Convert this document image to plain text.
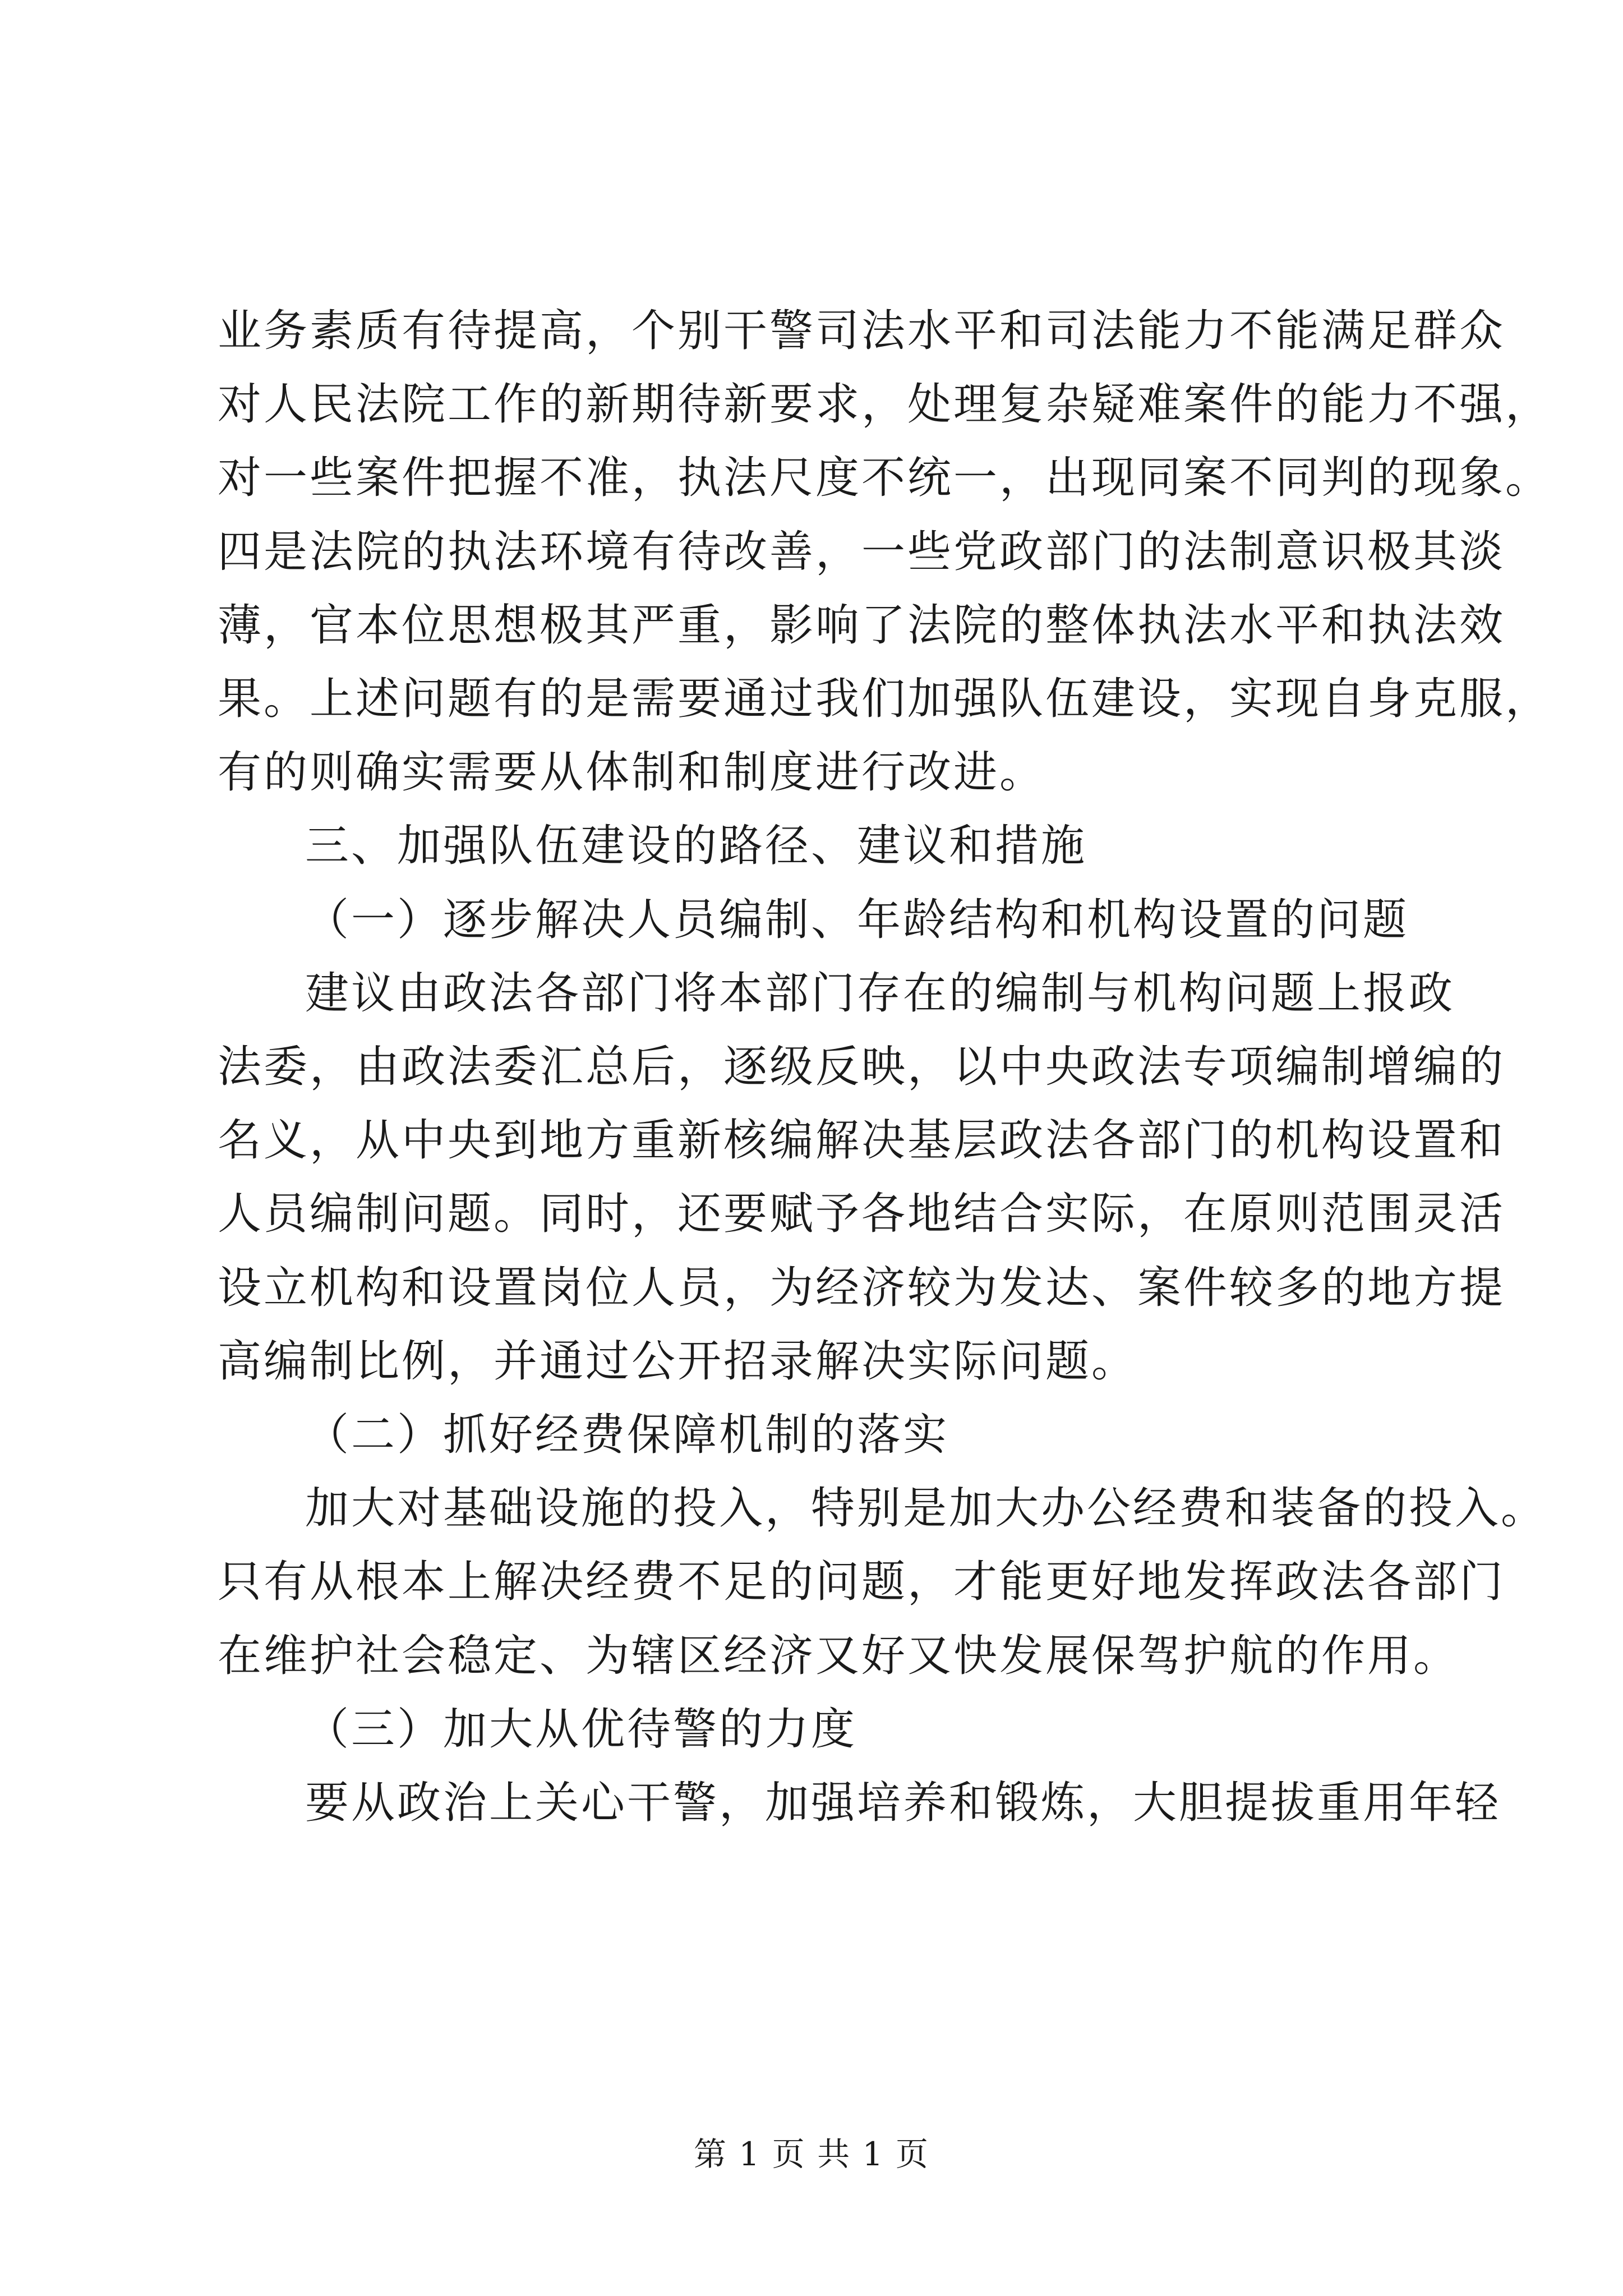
业务素质有待提高，个别干警司法水平和司法能力不能满足群众
对人民法院工作的新期待新要求，处理复杂疑难案件的能力不强，
对一些案件把握不准，执法尺度不统一，出现同案不同判的现象。
四是法院的执法环境有待改善，一些党政部门的法制意识极其淡
薄，官本位思想极其严重，影响了法院的整体执法水平和执法效
果。上述问题有的是需要通过我们加强队伍建设，实现自身克服，
有的则确实需要从体制和制度进行改进。
三、加强队伍建设的路径、建议和措施
（一）逐步解决人员编制、年龄结构和机构设置的问题
建议由政法各部门将本部门存在的编制与机构问题上报政
法委，由政法委汇总后，逐级反映，以中央政法专项编制增编的
名义，从中央到地方重新核编解决基层政法各部门的机构设置和
人员编制问题。同时，还要赋予各地结合实际，在原则范围灵活
设立机构和设置岗位人员，为经济较为发达、案件较多的地方提
高编制比例，并通过公开招录解决实际问题。
（二）抓好经费保障机制的落实
加大对基础设施的投入，特别是加大办公经费和装备的投入。
只有从根本上解决经费不足的问题，才能更好地发挥政法各部门
在维护社会稳定、为辖区经济又好又快发展保驾护航的作用。
（三）加大从优待警的力度
要从政治上关心干警，加强培养和锻炼，大胆提拔重用年轻
第 1 页 共 1 页
